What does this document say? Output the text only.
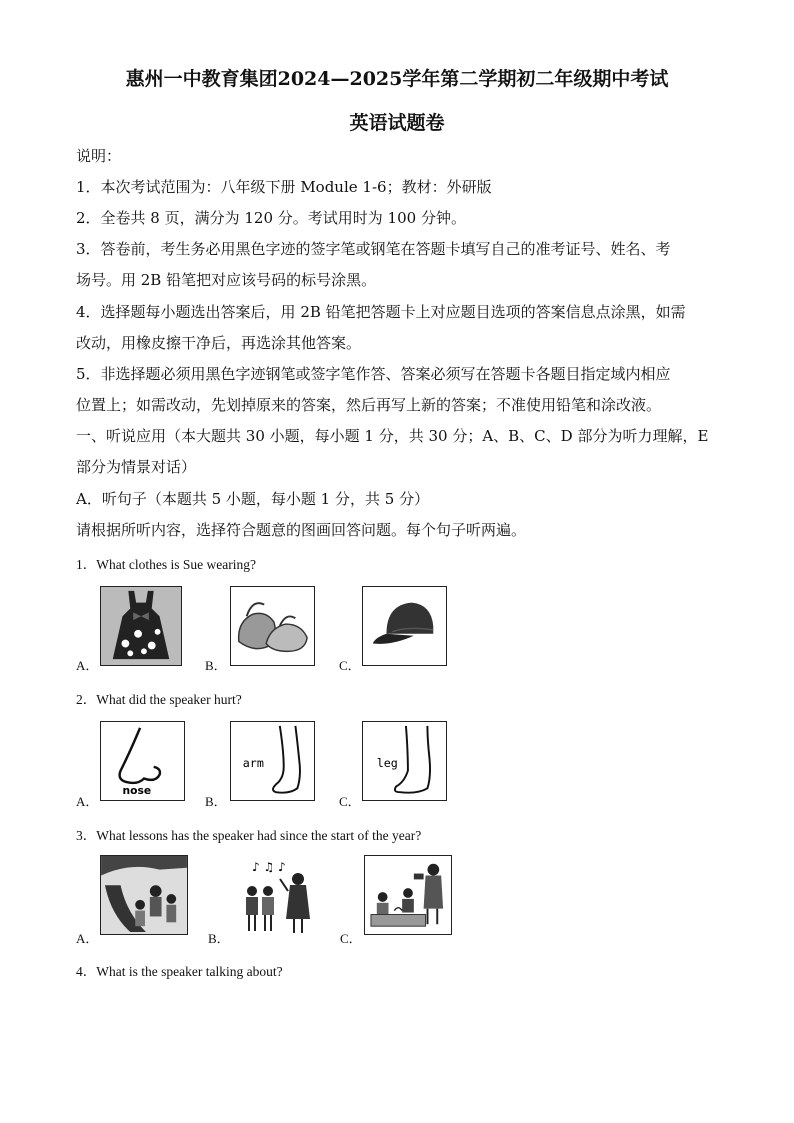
惠州一中教育集团2024—2025学年第二学期初二年级期中考试
英语试题卷
说明：
1．本次考试范围为：八年级下册 Module 1-6；教材：外研版
2．全卷共 8 页，满分为 120 分。考试用时为 100 分钟。
3．答卷前，考生务必用黑色字迹的签字笔或钢笔在答题卡填写自己的准考证号、姓名、考
场号。用 2B 铅笔把对应该号码的标号涂黑。
4．选择题每小题选出答案后，用 2B 铅笔把答题卡上对应题目选项的答案信息点涂黑，如需
改动，用橡皮擦干净后，再选涂其他答案。
5．非选择题必须用黑色字迹钢笔或签字笔作答、答案必须写在答题卡各题目指定域内相应
位置上；如需改动，先划掉原来的答案，然后再写上新的答案；不准使用铅笔和涂改液。
一、听说应用（本大题共 30 小题，每小题 1 分，共 30 分；A、B、C、D 部分为听力理解，E
部分为情景对话）
A．听句子（本题共 5 小题，每小题 1 分，共 5 分）
请根据所听内容，选择符合题意的图画回答问题。每个句子听两遍。
1．What clothes is Sue wearing?
A．	B．	C．
2．What did the speaker hurt?
A．
nose
B．
arm
C．
leg
3．What lessons has the speaker had since the start of the year?
A．	B．
♪ ♫ ♪
C．
4．What is the speaker talking about?
